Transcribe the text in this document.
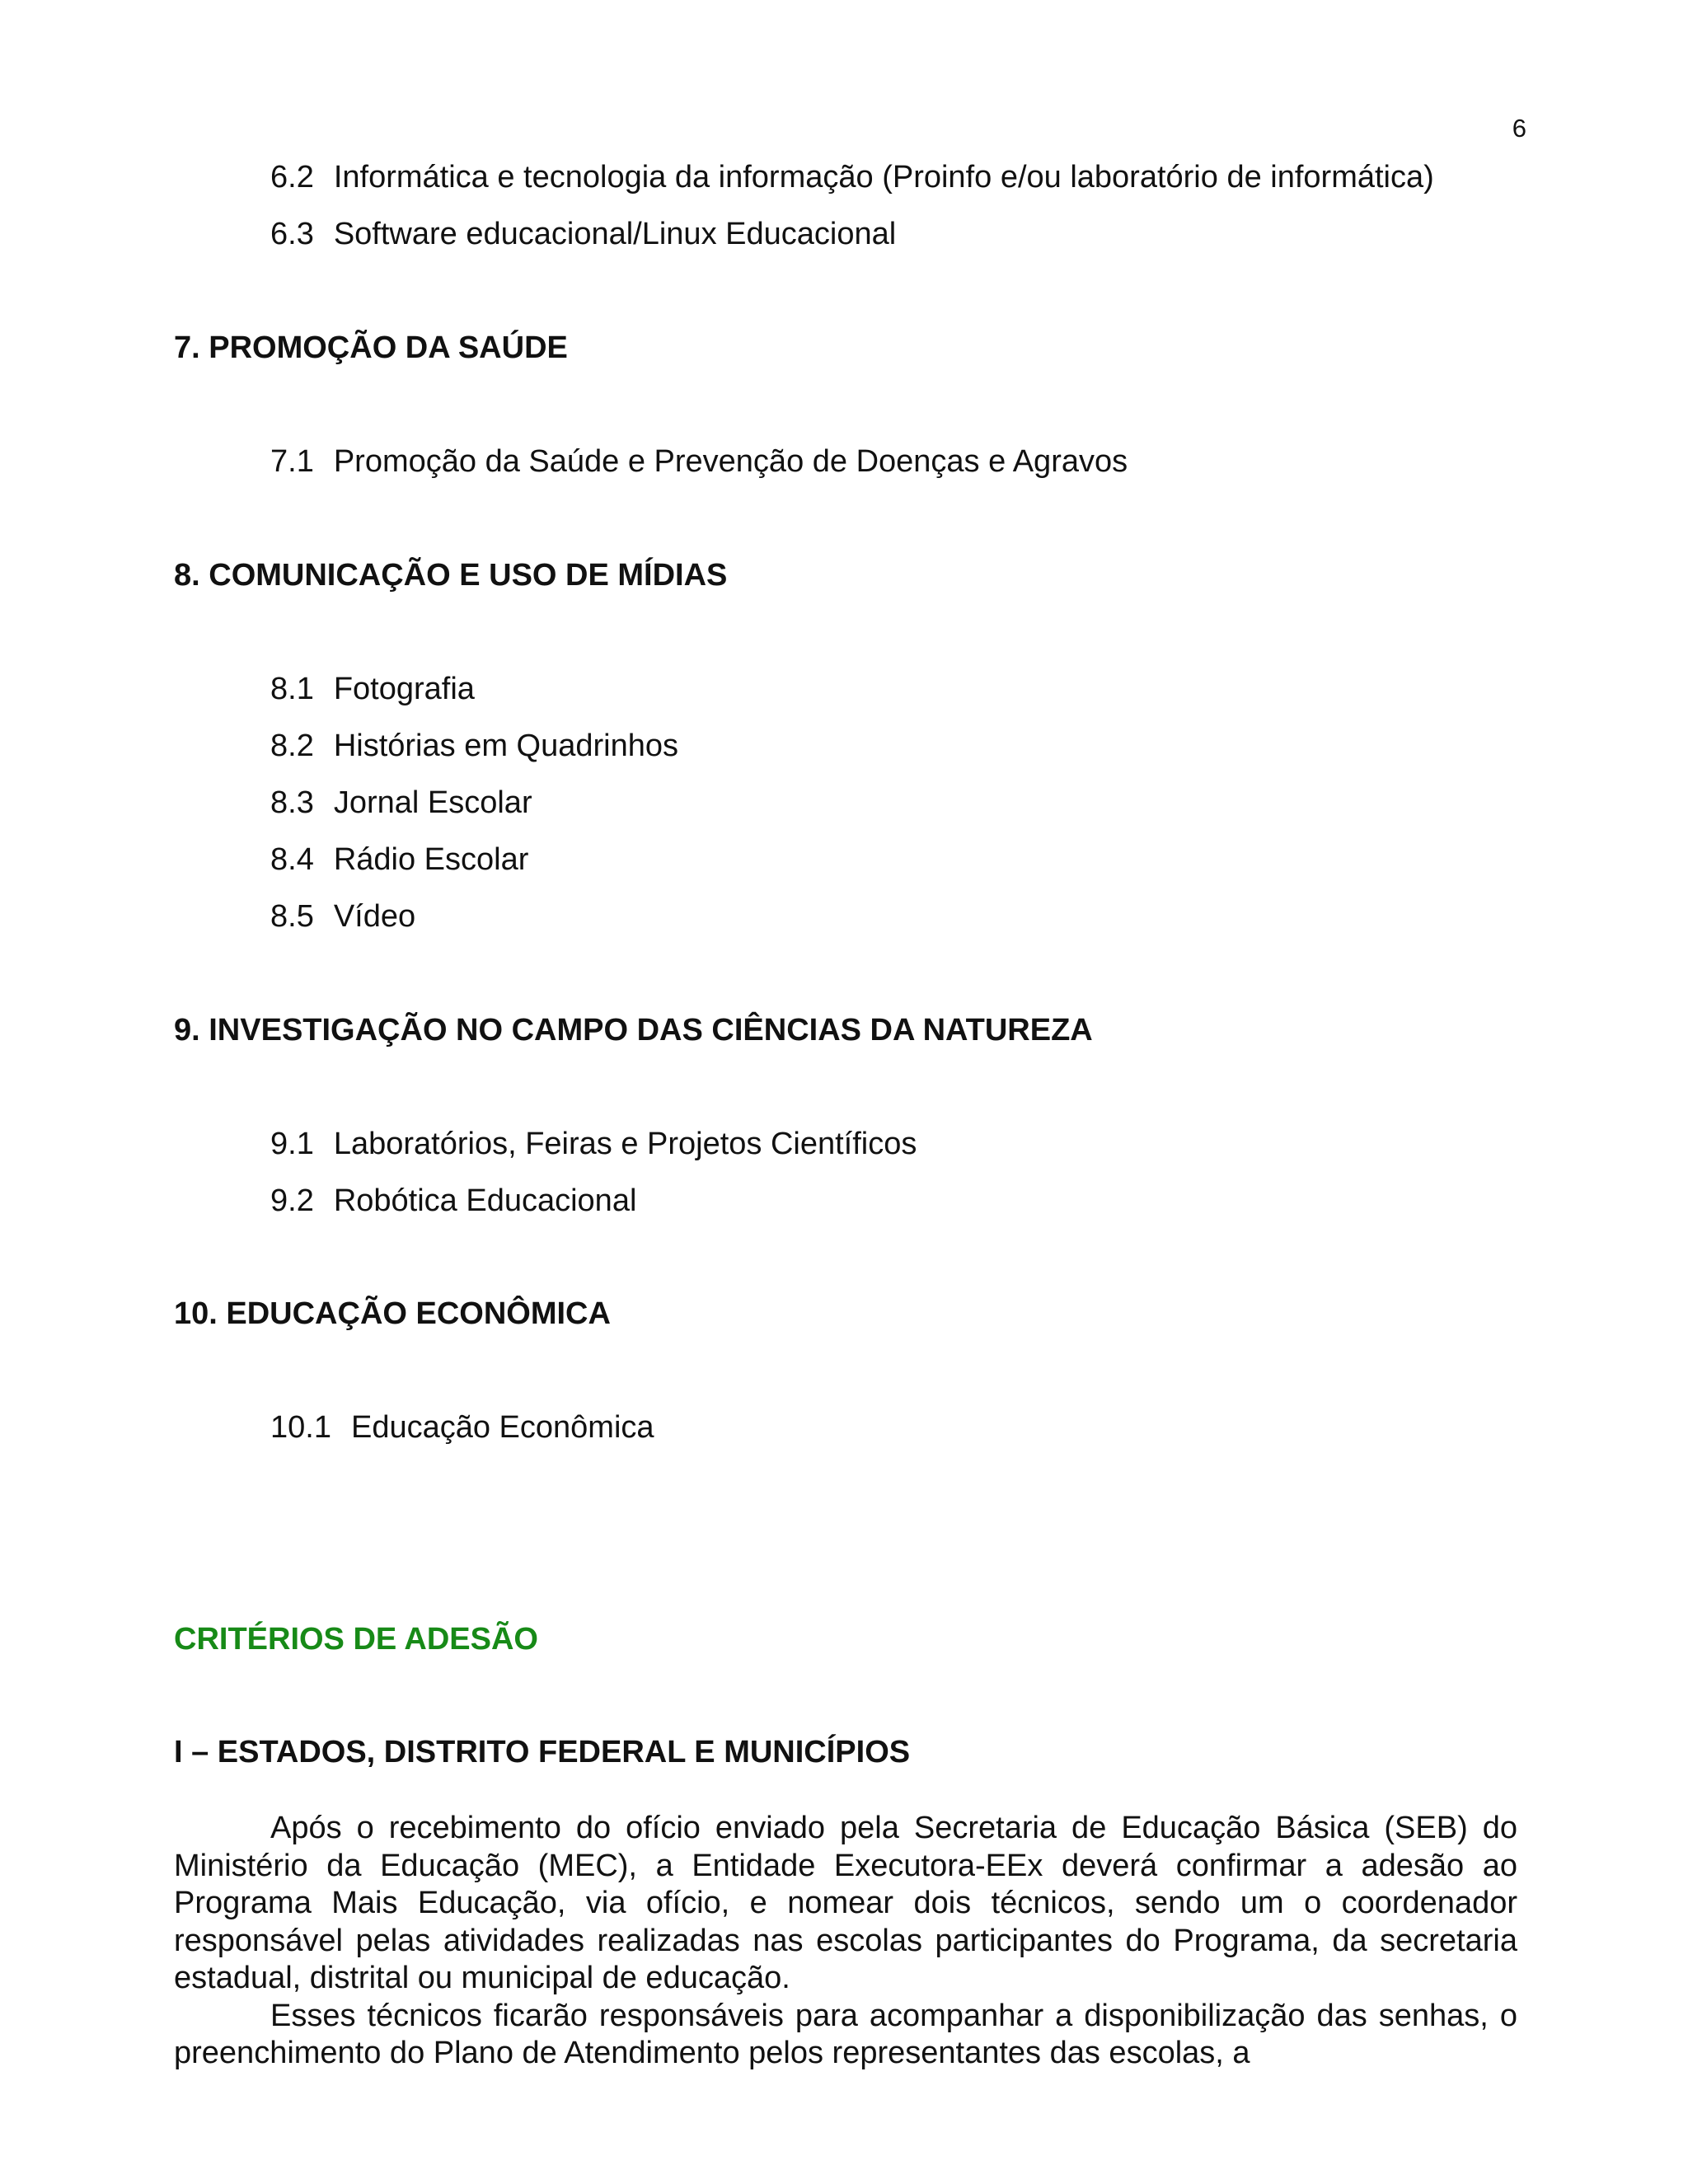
6
6.2 Informática e tecnologia da informação (Proinfo e/ou laboratório de informática)
6.3 Software educacional/Linux Educacional
7. PROMOÇÃO DA SAÚDE
7.1 Promoção da Saúde e Prevenção de Doenças e Agravos
8. COMUNICAÇÃO E USO DE MÍDIAS
8.1 Fotografia
8.2 Histórias em Quadrinhos
8.3 Jornal Escolar
8.4 Rádio Escolar
8.5 Vídeo
9. INVESTIGAÇÃO NO CAMPO DAS CIÊNCIAS DA NATUREZA
9.1 Laboratórios, Feiras e Projetos Científicos
9.2 Robótica Educacional
10. EDUCAÇÃO ECONÔMICA
10.1 Educação Econômica
CRITÉRIOS DE ADESÃO
I – ESTADOS, DISTRITO FEDERAL E MUNICÍPIOS

Após o recebimento do ofício enviado pela Secretaria de Educação Básica (SEB) do Ministério da Educação (MEC), a Entidade Executora-EEx deverá confirmar a adesão ao Programa Mais Educação, via ofício, e nomear dois técnicos, sendo um o coordenador responsável pelas atividades realizadas nas escolas participantes do Programa, da secretaria estadual, distrital ou municipal de educação.

Esses técnicos ficarão responsáveis para acompanhar a disponibilização das senhas, o preenchimento do Plano de Atendimento pelos representantes das escolas, a
